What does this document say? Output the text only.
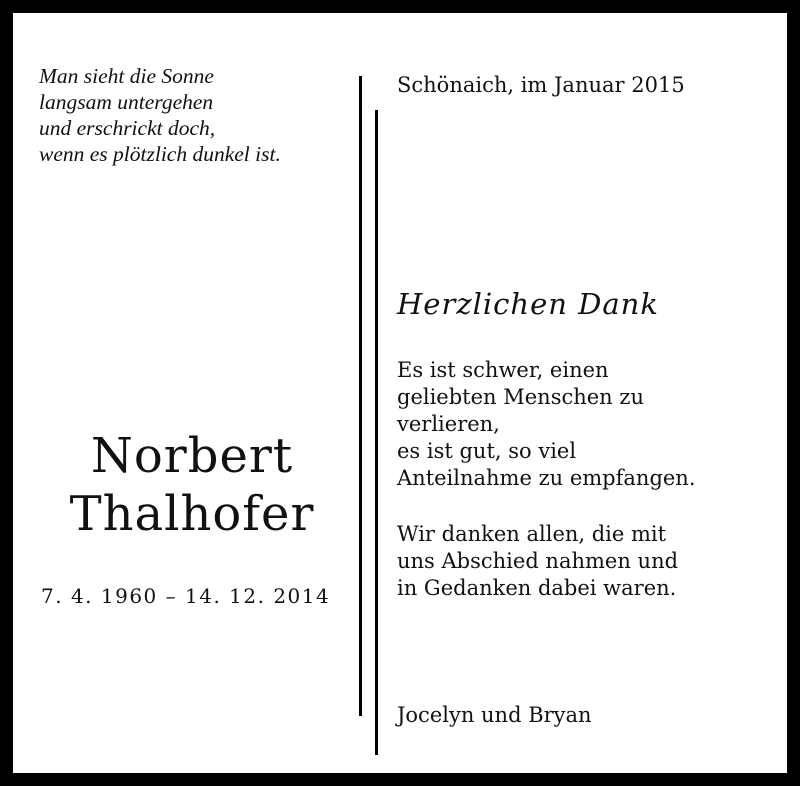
Man sieht die Sonne
langsam untergehen
und erschrickt doch,
wenn es plötzlich dunkel ist.

Norbert
Thalhofer
7. 4. 1960 – 14. 12. 2014
Schönaich, im Januar 2015
Herzlichen Dank

Es ist schwer, einen
geliebten Menschen zu
verlieren,
es ist gut, so viel
Anteilnahme zu empfangen.

Wir danken allen, die mit
uns Abschied nahmen und
in Gedanken dabei waren.

Jocelyn und Bryan
